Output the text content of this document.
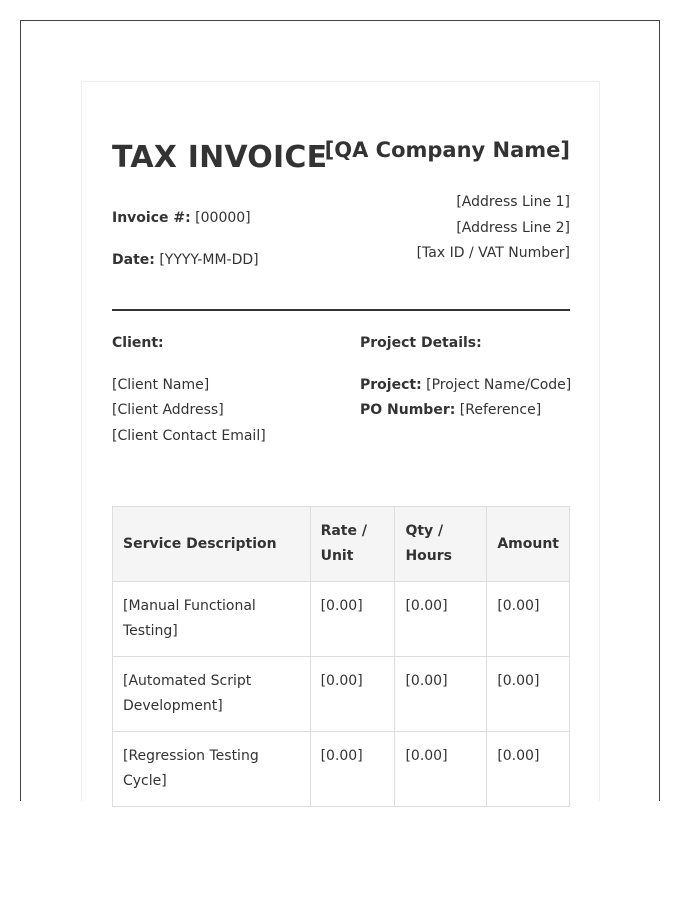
TAX INVOICE
[QA Company Name]
Invoice #: [00000]
Date: [YYYY-MM-DD]
[Address Line 1]
[Address Line 2]
[Tax ID / VAT Number]
Client:
[Client Name]
[Client Address]
[Client Contact Email]
Project Details:
Project: [Project Name/Code]
PO Number: [Reference]
Service Description	Rate / Unit	Qty / Hours	Amount
[Manual Functional Testing]	[0.00]	[0.00]	[0.00]
[Automated Script Development]	[0.00]	[0.00]	[0.00]
[Regression Testing Cycle]	[0.00]	[0.00]	[0.00]
